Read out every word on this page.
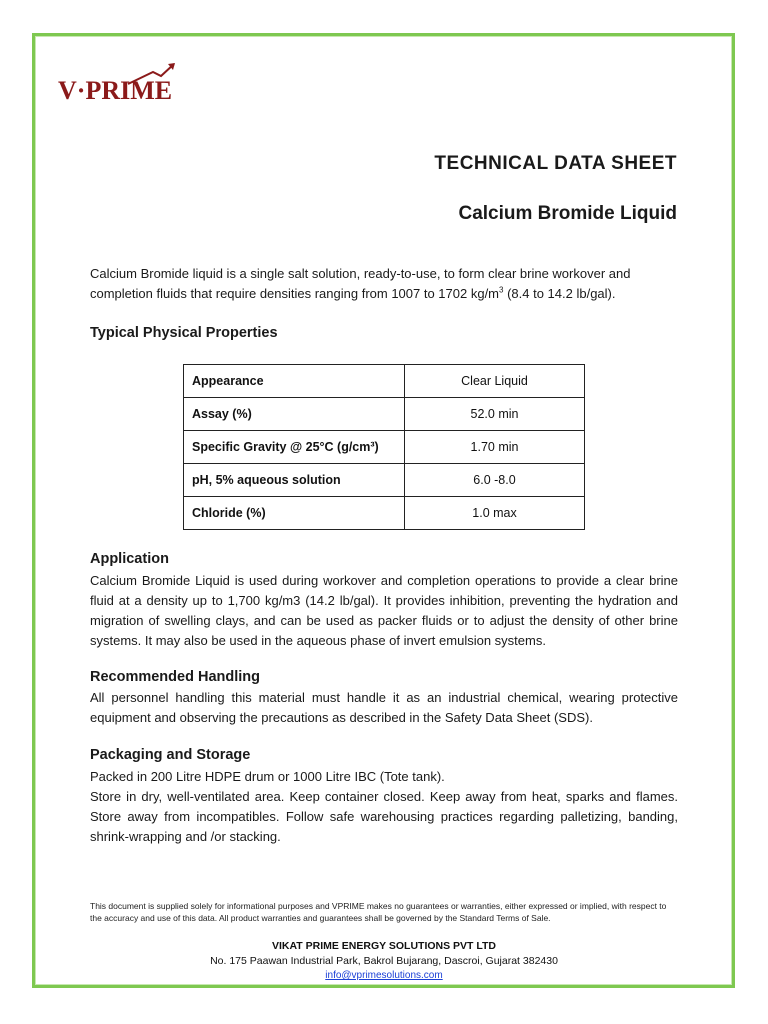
V·PRIME
TECHNICAL DATA SHEET
Calcium Bromide Liquid
Calcium Bromide liquid is a single salt solution, ready-to-use, to form clear brine workover and
completion fluids that require densities ranging from 1007 to 1702 $kg/m^3$ (8.4 to 14.2 lb/gal).
Typical Physical Properties
Appearance	Clear Liquid
Assay (%)	52.0 min
Specific Gravity @ 25°C (g/cm³)	1.70 min
pH, 5% aqueous solution	6.0 -8.0
Chloride (%)	1.0 max
Application
Calcium Bromide Liquid is used during workover and completion operations to provide a clear brine fluid at a density up to 1,700 kg/m3 (14.2 lb/gal). It provides inhibition, preventing the hydration and migration of swelling clays, and can be used as packer fluids or to adjust the density of other brine systems. It may also be used in the aqueous phase of invert emulsion systems.
Recommended Handling
All personnel handling this material must handle it as an industrial chemical, wearing protective equipment and observing the precautions as described in the Safety Data Sheet (SDS).
Packaging and Storage
Packed in 200 Litre HDPE drum or 1000 Litre IBC (Tote tank).
Store in dry, well-ventilated area. Keep container closed. Keep away from heat, sparks and flames. Store away from incompatibles. Follow safe warehousing practices regarding palletizing, banding, shrink-wrapping and /or stacking.
This document is supplied solely for informational purposes and VPRIME makes no guarantees or warranties, either expressed or implied, with respect to the accuracy and use of this data. All product warranties and guarantees shall be governed by the Standard Terms of Sale.
VIKAT PRIME ENERGY SOLUTIONS PVT LTD
No. 175 Paawan Industrial Park, Bakrol Bujarang, Dascroi, Gujarat 382430
info@vprimesolutions.com
